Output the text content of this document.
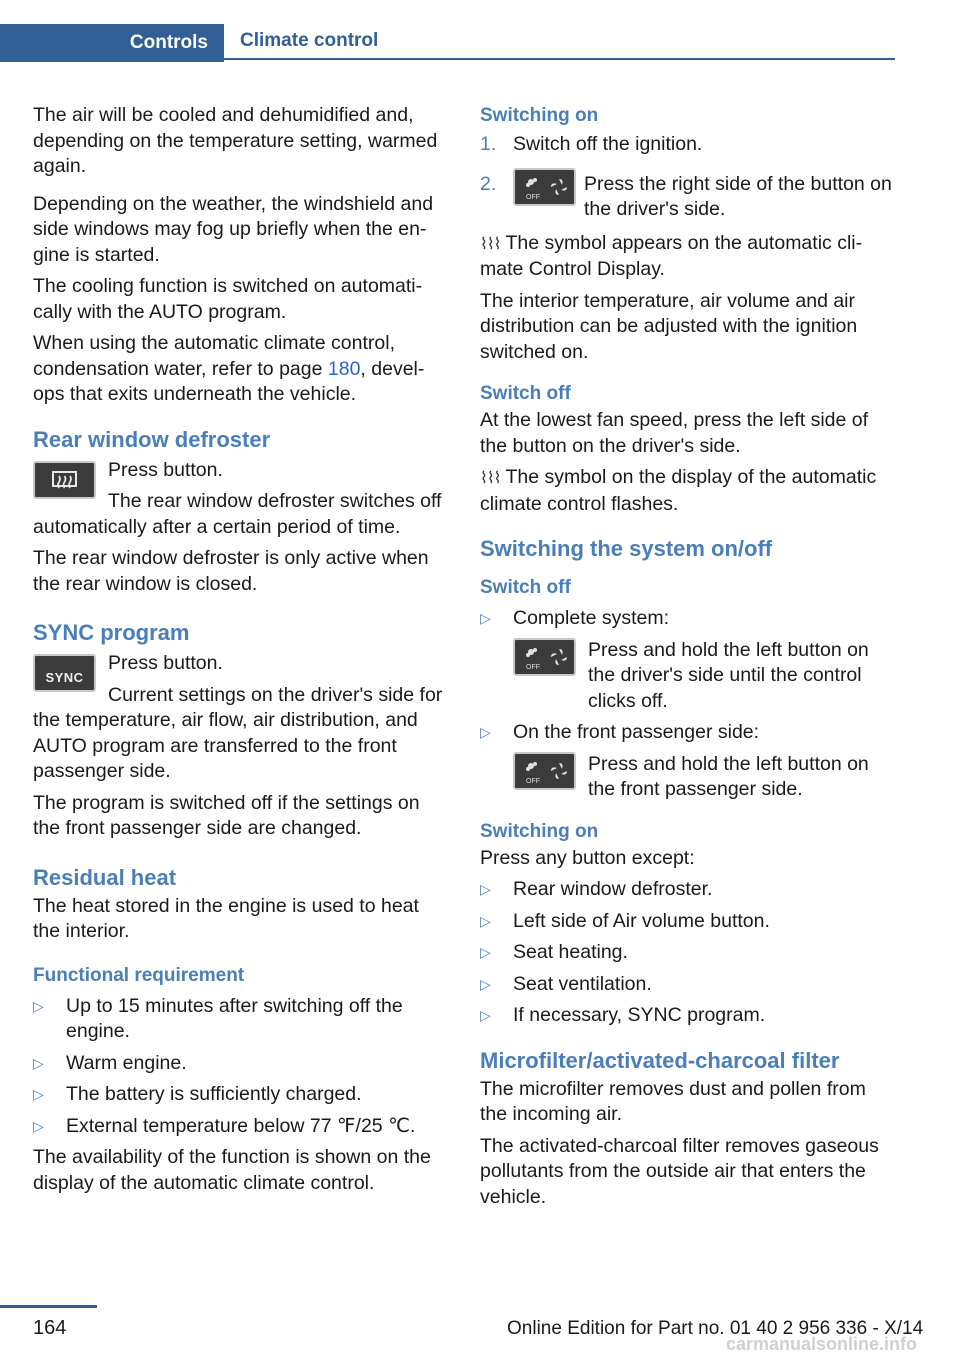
Controls	Climate control

The air will be cooled and dehumidified and, depending on the temperature setting, warmed again.

Depending on the weather, the windshield and side windows may fog up briefly when the en‐gine is started.

The cooling function is switched on automati‐cally with the AUTO program.

When using the automatic climate control, condensation water, refer to page 180, devel‐ops that exits underneath the vehicle.

Rear window defroster

Press button.

The rear window defroster switches off automatically after a certain period of time.

The rear window defroster is only active when the rear window is closed.

SYNC program
SYNC

Press button.

Current settings on the driver's side for the temperature, air flow, air distribution, and AUTO program are transferred to the front passenger side.

The program is switched off if the settings on the front passenger side are changed.

Residual heat

The heat stored in the engine is used to heat the interior.

Functional requirement
▷ Up to 15 minutes after switching off the engine.
▷ Warm engine.
▷ The battery is sufficiently charged.
▷ External temperature below 77 ℉/25 ℃.

The availability of the function is shown on the display of the automatic climate control.

Switching on
1. Switch off the ignition.
2.
OFF
Press the right side of the button on the driver's side.

⌇⌇⌇ The symbol appears on the automatic cli‐mate Control Display.

The interior temperature, air volume and air distribution can be adjusted with the ignition switched on.

Switch off

At the lowest fan speed, press the left side of the button on the driver's side.

⌇⌇⌇ The symbol on the display of the automatic climate control flashes.

Switching the system on/off
Switch off
▷ Complete system:
OFF
Press and hold the left button on the driver's side until the control clicks off.
▷ On the front passenger side:
OFF
Press and hold the left button on the front passenger side.
Switching on

Press any button except:

▷ Rear window defroster.
▷ Left side of Air volume button.
▷ Seat heating.
▷ Seat ventilation.
▷ If necessary, SYNC program.
Microfilter/activated-charcoal filter

The microfilter removes dust and pollen from the incoming air.

The activated-charcoal filter removes gaseous pollutants from the outside air that enters the vehicle.

164	Online Edition for Part no. 01 40 2 956 336 - X/14
carmanualsonline.info
